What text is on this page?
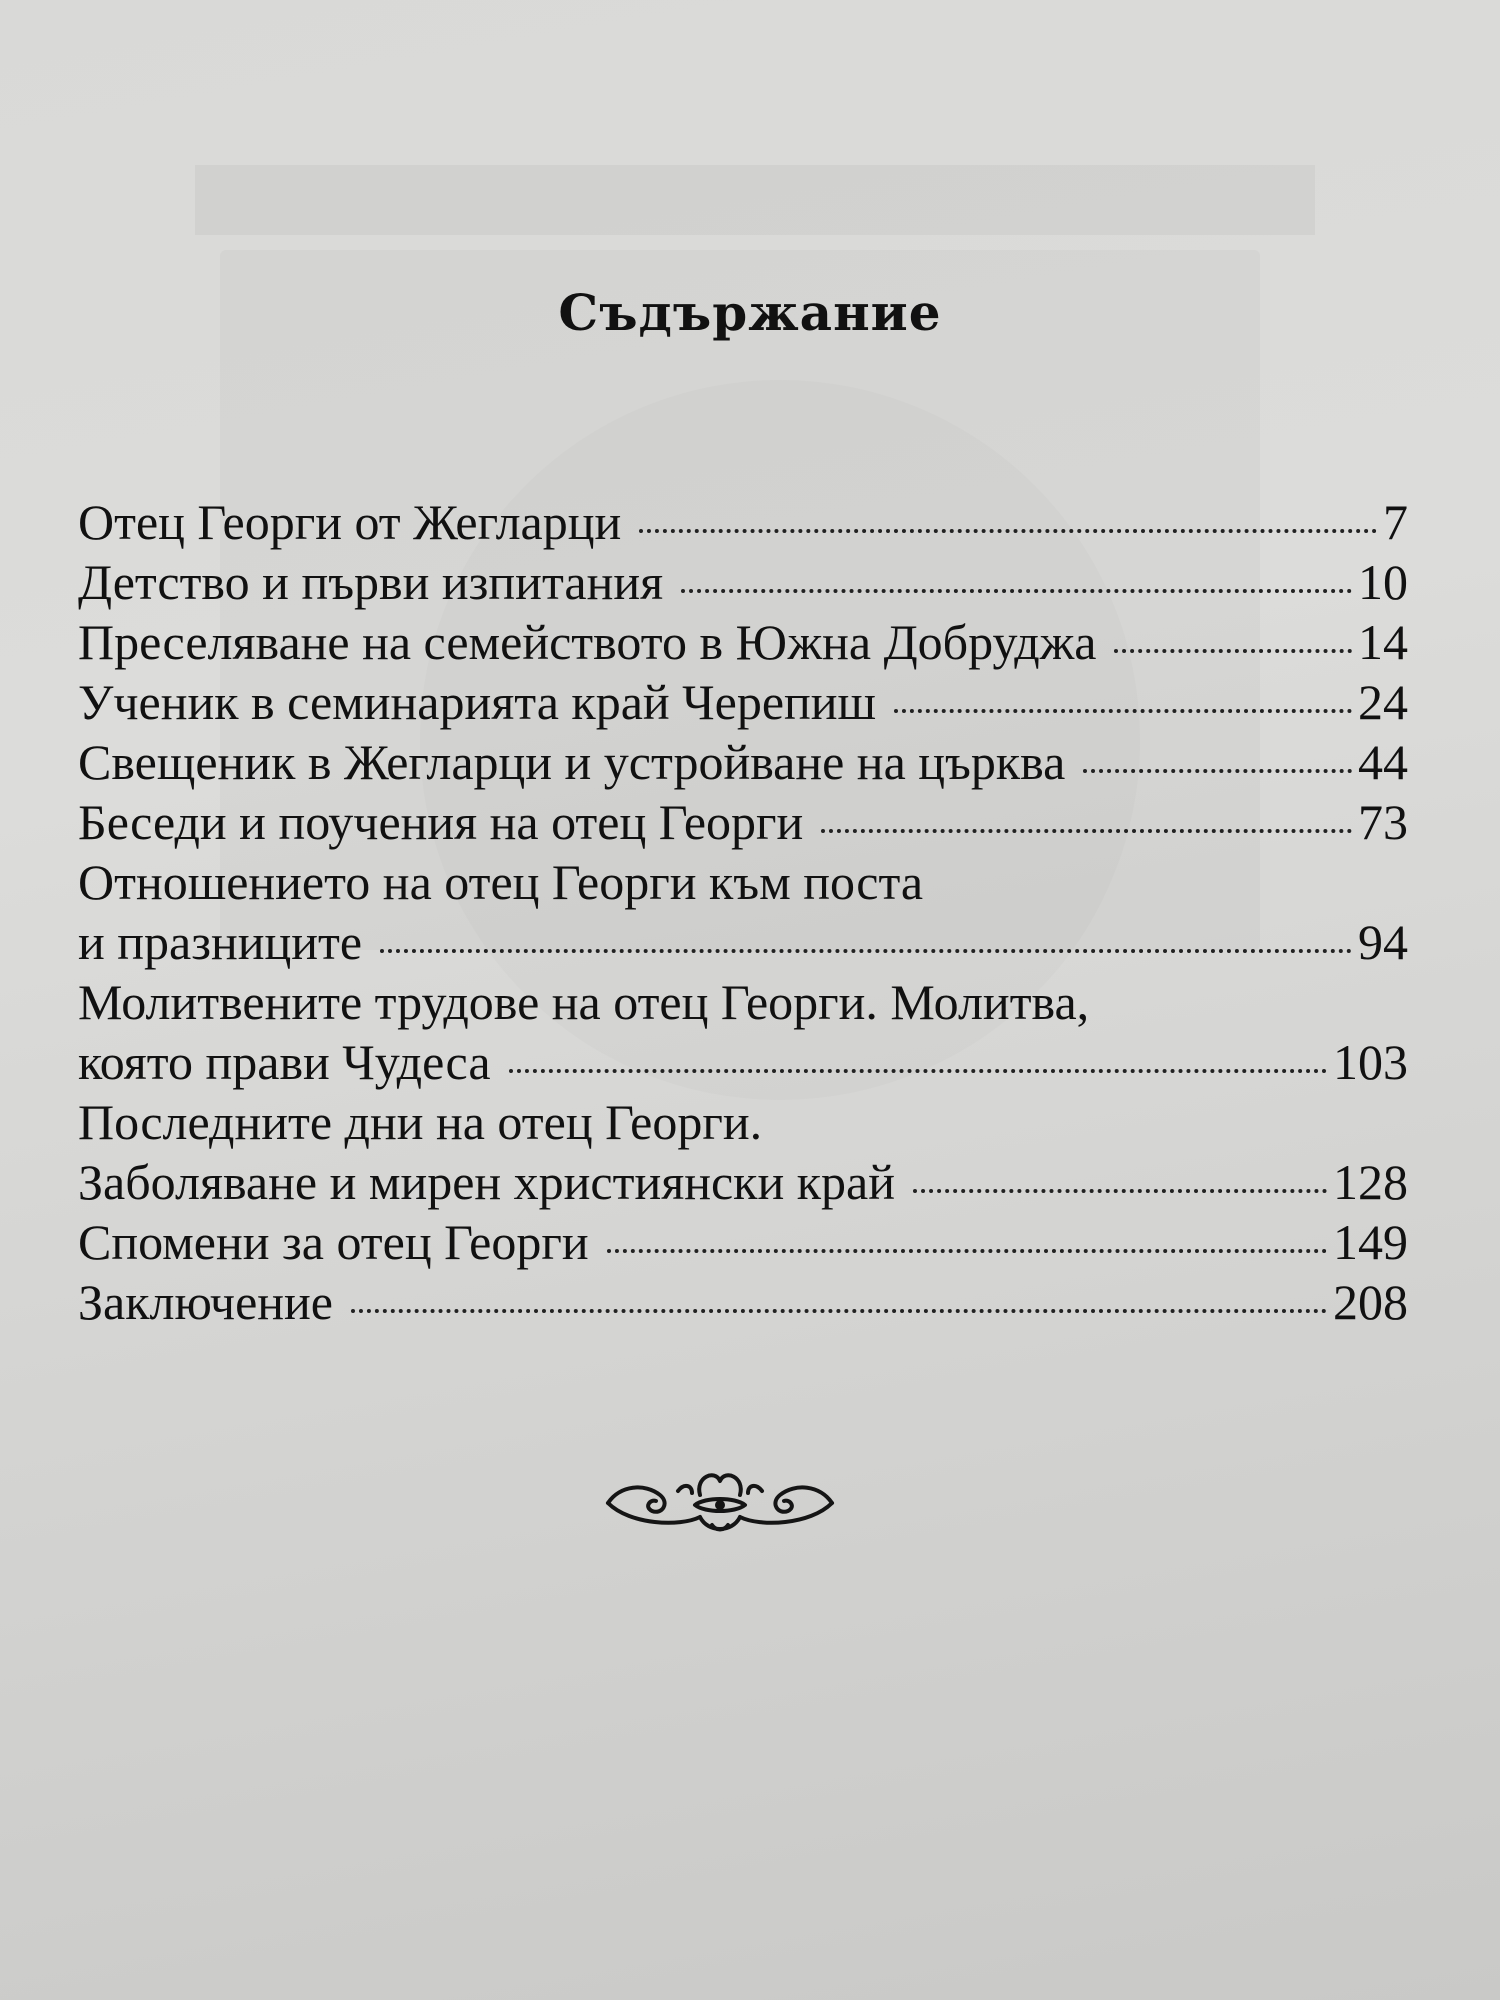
Съдържание
Отец Георги от Жегларци	7
Детство и първи изпитания	10
Преселяване на семейството в Южна Добруджа	14
Ученик в семинарията край Черепиш	24
Свещеник в Жегларци и устройване на църква	44
Беседи и поучения на отец Георги	73
Отношението на отец Георги към поста
и празниците	94
Молитвените трудове на отец Георги. Молитва,
която прави Чудеса	103
Последните дни на отец Георги.
Заболяване и мирен християнски край	128
Спомени за отец Георги	149
Заключение	208
